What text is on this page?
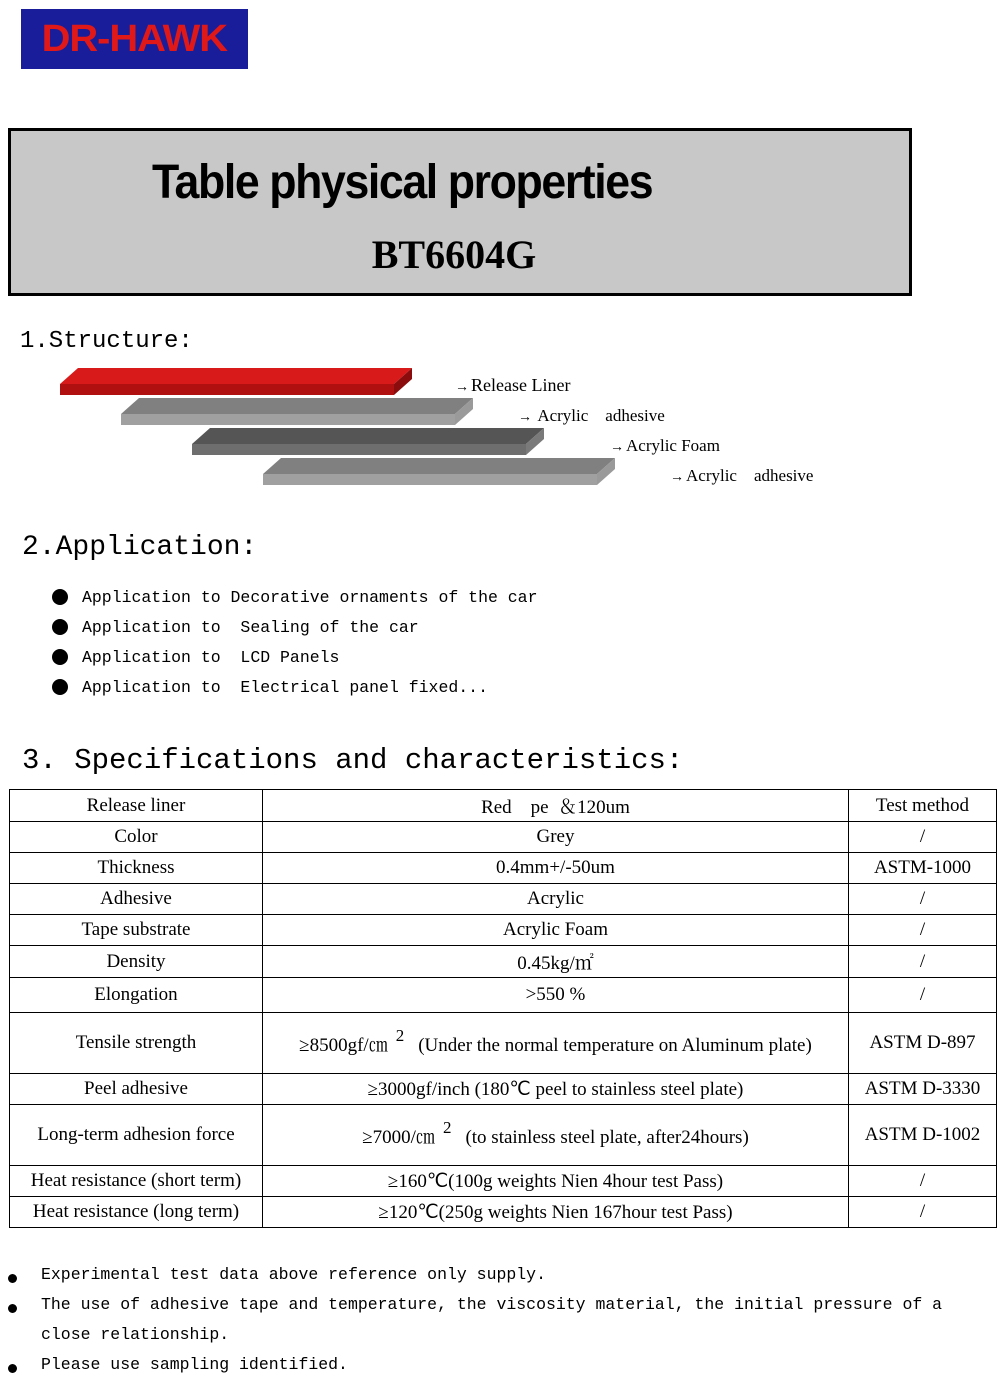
DR-HAWK
Table physical properties
BT6604G
1.Structure:
→ Release Liner
→ Acrylic    adhesive
→ Acrylic Foam
→ Acrylic    adhesive
2.Application:
Application to Decorative ornaments of the car
Application to  Sealing of the car
Application to  LCD Panels
Application to  Electrical panel fixed...
3. Specifications and characteristics:
Release liner	Red    pe  ＆120um	Test method
Color	Grey	/
Thickness	0.4mm+/-50um	ASTM-1000
Adhesive	Acrylic	/
Tape substrate	Acrylic Foam	/
Density	0.45kg/㎡	/
Elongation	>550 %	/
Tensile strength	≥8500gf/㎝ 2 (Under the normal temperature on Aluminum plate)	ASTM D-897
Peel adhesive	≥3000gf/inch (180℃ peel to stainless steel plate)	ASTM D-3330
Long-term adhesion force	≥7000/㎝ 2 (to stainless steel plate, after24hours)	ASTM D-1002
Heat resistance (short term)	≥160℃(100g weights Nien 4hour test Pass)	/
Heat resistance (long term)	≥120℃(250g weights Nien 167hour test Pass)	/
Experimental test data above reference only supply.
The use of adhesive tape and temperature, the viscosity material, the initial pressure of a close relationship.
Please use sampling identified.
